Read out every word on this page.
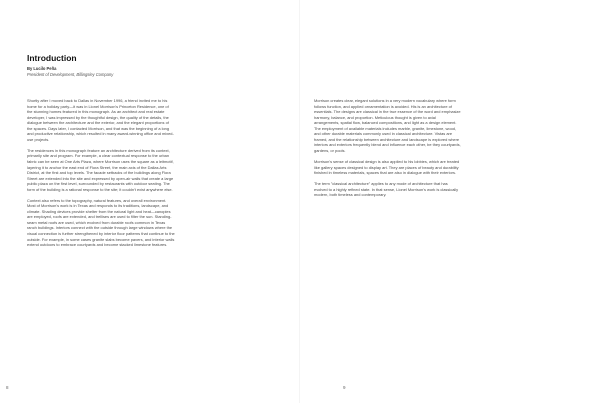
Introduction
By Lucilo Peña
President of Development, Billingsley Company

Shortly after I moved back to Dallas in November 1996, a friend invited me to his home for a holiday party—it was in Lionel Morrison's Princeton Residence, one of the stunning homes featured in this monograph. As an architect and real estate developer, I was impressed by the thoughtful design, the quality of the details, the dialogue between the architecture and the exterior, and the elegant proportions of the spaces. Days later, I contacted Morrison, and that was the beginning of a long and productive relationship, which resulted in many award-winning office and mixed-use projects.

The residences in this monograph feature an architecture derived from its context, primarily site and program. For example, a clear contextual response to the urban fabric can be seen at One Arts Plaza, where Morrison uses the square as a leitmotif, layering it to anchor the east end of Flora Street, the main axis of the Dallas Arts District, at the first and top levels. The facade setbacks of the buildings along Flora Street are extended into the site and expressed by open-air walls that create a large public plaza on the first level, surrounded by restaurants with outdoor seating. The form of the building is a rational response to the site; it couldn't exist anywhere else.

Context also refers to the topography, natural features, and overall environment. Most of Morrison's work is in Texas and responds to its traditions, landscape, and climate. Shading devices provide shelter from the natural light and heat—canopies are employed, roofs are extended, and trellises are used to filter the sun. Standing-seam metal roofs are used, which evolved from durable roofs common in Texas ranch buildings. Interiors connect with the outside through large windows where the visual connection is further strengthened by interior floor patterns that continue to the outside. For example, in some cases granite slabs become pavers, and interior walls extend outdoors to embrace courtyards and become stacked limestone features.

8	9

Morrison creates clear, elegant solutions in a very modern vocabulary where form follows function, and applied ornamentation is avoided. His is an architecture of essentials. The designs are classical in the true essence of the word and emphasize harmony, balance, and proportion. Meticulous thought is given to axial arrangements, spatial flow, balanced compositions, and light as a design element. The employment of available materials includes marble, granite, limestone, wood, and other durable materials commonly used in classical architecture. Vistas are framed, and the relationship between architecture and landscape is explored where interiors and exteriors frequently blend and influence each other, be they courtyards, gardens, or pools.

Morrison's sense of classical design is also applied to his lobbies, which are treated like gallery spaces designed to display art. They are places of beauty and durability finished in timeless materials, spaces that are also in dialogue with their exteriors.

The term "classical architecture" applies to any mode of architecture that has evolved to a highly refined state. In that sense, Lionel Morrison's work is classically modern, both timeless and contemporary.
